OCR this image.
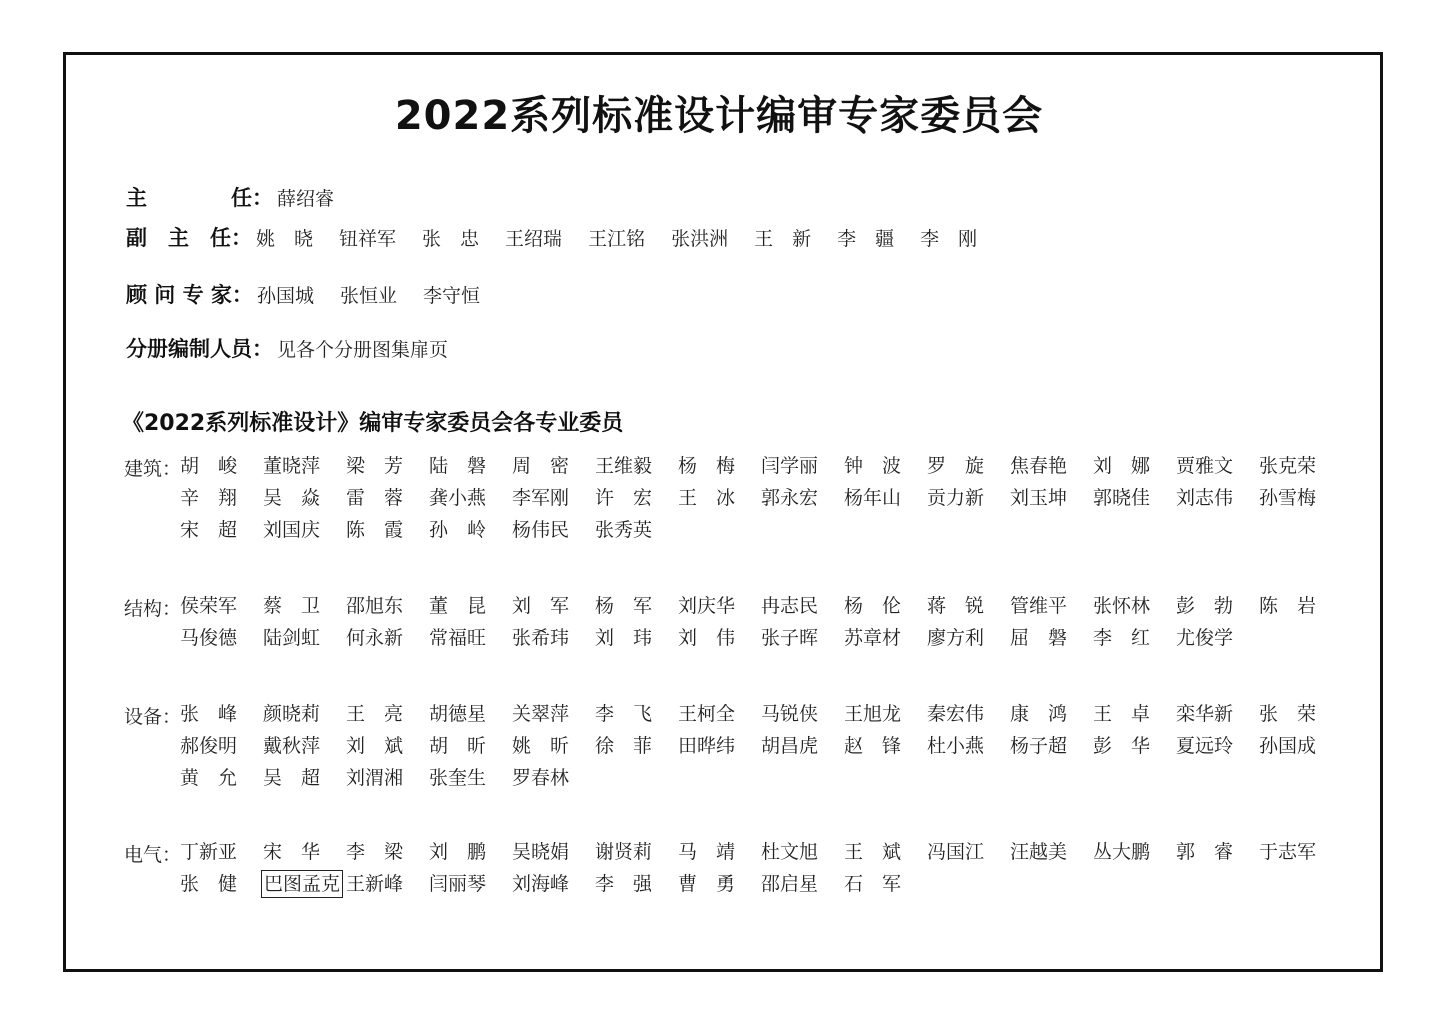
2022系列标准设计编审专家委员会
主　　　　任： 薛绍睿
副　主　任： 姚　晓 钮祥军 张　忠 王绍瑞 王江铭 张洪洲 王　新 李　疆 李　刚
顾 问 专 家： 孙国城 张恒业 李守恒
分册编制人员： 见各个分册图集扉页
《2022系列标准设计》编审专家委员会各专业委员
建筑：
胡　峻	董晓萍	梁　芳	陆　磐	周　密	王维毅	杨　梅	闫学丽	钟　波	罗　旋	焦春艳	刘　娜	贾雅文	张克荣
辛　翔	吴　焱	雷　蓉	龚小燕	李军刚	许　宏	王　冰	郭永宏	杨年山	贡力新	刘玉坤	郭晓佳	刘志伟	孙雪梅
宋　超	刘国庆	陈　霞	孙　岭	杨伟民	张秀英
结构：
侯荣军	蔡　卫	邵旭东	董　昆	刘　军	杨　军	刘庆华	冉志民	杨　伦	蒋　锐	管维平	张怀林	彭　勃	陈　岩
马俊德	陆剑虹	何永新	常福旺	张希玮	刘　玮	刘　伟	张子晖	苏章材	廖方利	屈　磐	李　红	尤俊学
设备：
张　峰	颜晓莉	王　亮	胡德星	关翠萍	李　飞	王柯全	马锐侠	王旭龙	秦宏伟	康　鸿	王　卓	栾华新	张　荣
郝俊明	戴秋萍	刘　斌	胡　昕	姚　昕	徐　菲	田晔纬	胡昌虎	赵　锋	杜小燕	杨子超	彭　华	夏远玲	孙国成
黄　允	吴　超	刘渭湘	张奎生	罗春林
电气：
丁新亚	宋　华	李　梁	刘　鹏	吴晓娟	谢贤莉	马　靖	杜文旭	王　斌	冯国江	汪越美	丛大鹏	郭　睿	于志军
张　健	巴图孟克 王新峰	闫丽琴	刘海峰	李　强	曹　勇	邵启星	石　军
